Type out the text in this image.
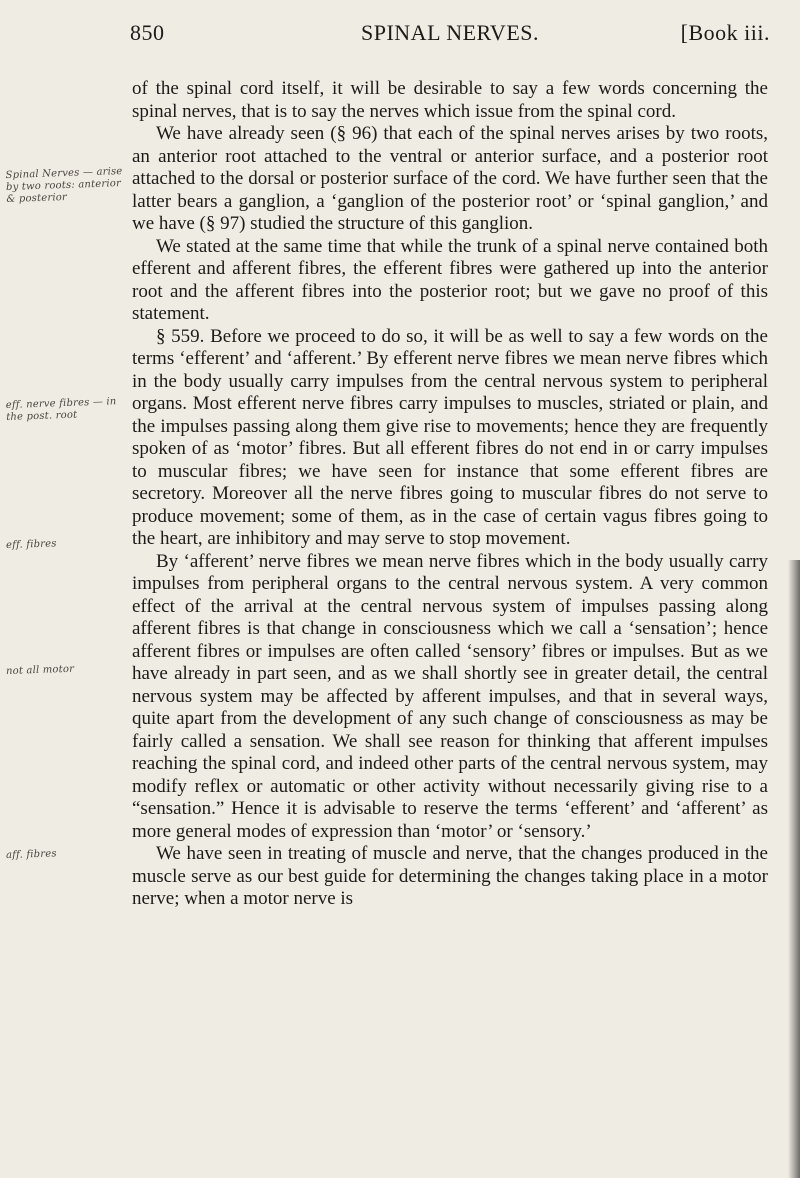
850	SPINAL NERVES.	[Book iii.
Spinal Nerves — arise by two roots: anterior & posterior
eff. nerve fibres — in the post. root
eff. fibres
not all motor
aff. fibres

of the spinal cord itself, it will be desirable to say a few words concerning the spinal nerves, that is to say the nerves which issue from the spinal cord.

We have already seen (§ 96) that each of the spinal nerves arises by two roots, an anterior root attached to the ventral or anterior surface, and a posterior root attached to the dorsal or posterior surface of the cord. We have further seen that the latter bears a ganglion, a ‘ganglion of the posterior root’ or ‘spinal ganglion,’ and we have (§ 97) studied the structure of this ganglion.

We stated at the same time that while the trunk of a spinal nerve contained both efferent and afferent fibres, the efferent fibres were gathered up into the anterior root and the afferent fibres into the posterior root; but we gave no proof of this statement.

§ 559. Before we proceed to do so, it will be as well to say a few words on the terms ‘efferent’ and ‘afferent.’ By efferent nerve fibres we mean nerve fibres which in the body usually carry impulses from the central nervous system to peripheral organs. Most efferent nerve fibres carry impulses to muscles, striated or plain, and the impulses passing along them give rise to movements; hence they are frequently spoken of as ‘motor’ fibres. But all efferent fibres do not end in or carry impulses to muscular fibres; we have seen for instance that some efferent fibres are secretory. Moreover all the nerve fibres going to muscular fibres do not serve to produce movement; some of them, as in the case of certain vagus fibres going to the heart, are inhibitory and may serve to stop movement.

By ‘afferent’ nerve fibres we mean nerve fibres which in the body usually carry impulses from peripheral organs to the central nervous system. A very common effect of the arrival at the central nervous system of impulses passing along afferent fibres is that change in consciousness which we call a ‘sensation’; hence afferent fibres or impulses are often called ‘sensory’ fibres or impulses. But as we have already in part seen, and as we shall shortly see in greater detail, the central nervous system may be affected by afferent impulses, and that in several ways, quite apart from the development of any such change of consciousness as may be fairly called a sensation. We shall see reason for thinking that afferent impulses reaching the spinal cord, and indeed other parts of the central nervous system, may modify reflex or automatic or other activity without necessarily giving rise to a “sensation.” Hence it is advisable to reserve the terms ‘efferent’ and ‘afferent’ as more general modes of expression than ‘motor’ or ‘sensory.’

We have seen in treating of muscle and nerve, that the changes produced in the muscle serve as our best guide for determining the changes taking place in a motor nerve; when a motor nerve is
